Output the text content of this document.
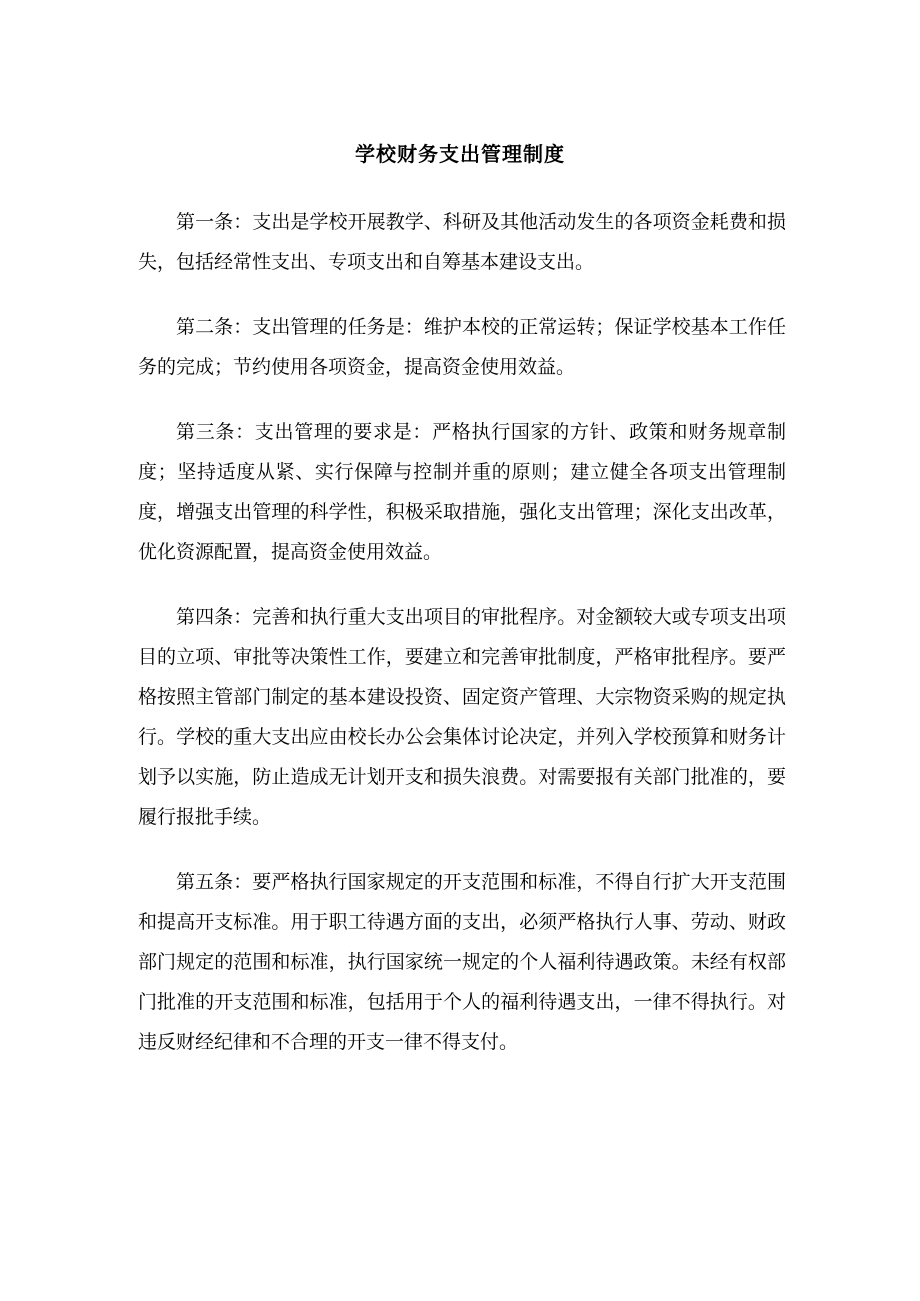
学校财务支出管理制度

第一条：支出是学校开展教学、科研及其他活动发生的各项资金耗费和损失，包括经常性支出、专项支出和自筹基本建设支出。

第二条：支出管理的任务是：维护本校的正常运转；保证学校基本工作任务的完成；节约使用各项资金，提高资金使用效益。

第三条：支出管理的要求是：严格执行国家的方针、政策和财务规章制度；坚持适度从紧、实行保障与控制并重的原则；建立健全各项支出管理制度，增强支出管理的科学性，积极采取措施，强化支出管理；深化支出改革，优化资源配置，提高资金使用效益。

第四条：完善和执行重大支出项目的审批程序。对金额较大或专项支出项目的立项、审批等决策性工作，要建立和完善审批制度，严格审批程序。要严格按照主管部门制定的基本建设投资、固定资产管理、大宗物资采购的规定执行。学校的重大支出应由校长办公会集体讨论决定，并列入学校预算和财务计划予以实施，防止造成无计划开支和损失浪费。对需要报有关部门批准的，要履行报批手续。

第五条：要严格执行国家规定的开支范围和标准，不得自行扩大开支范围和提高开支标准。用于职工待遇方面的支出，必须严格执行人事、劳动、财政部门规定的范围和标准，执行国家统一规定的个人福利待遇政策。未经有权部门批准的开支范围和标准，包括用于个人的福利待遇支出，一律不得执行。对违反财经纪律和不合理的开支一律不得支付。
